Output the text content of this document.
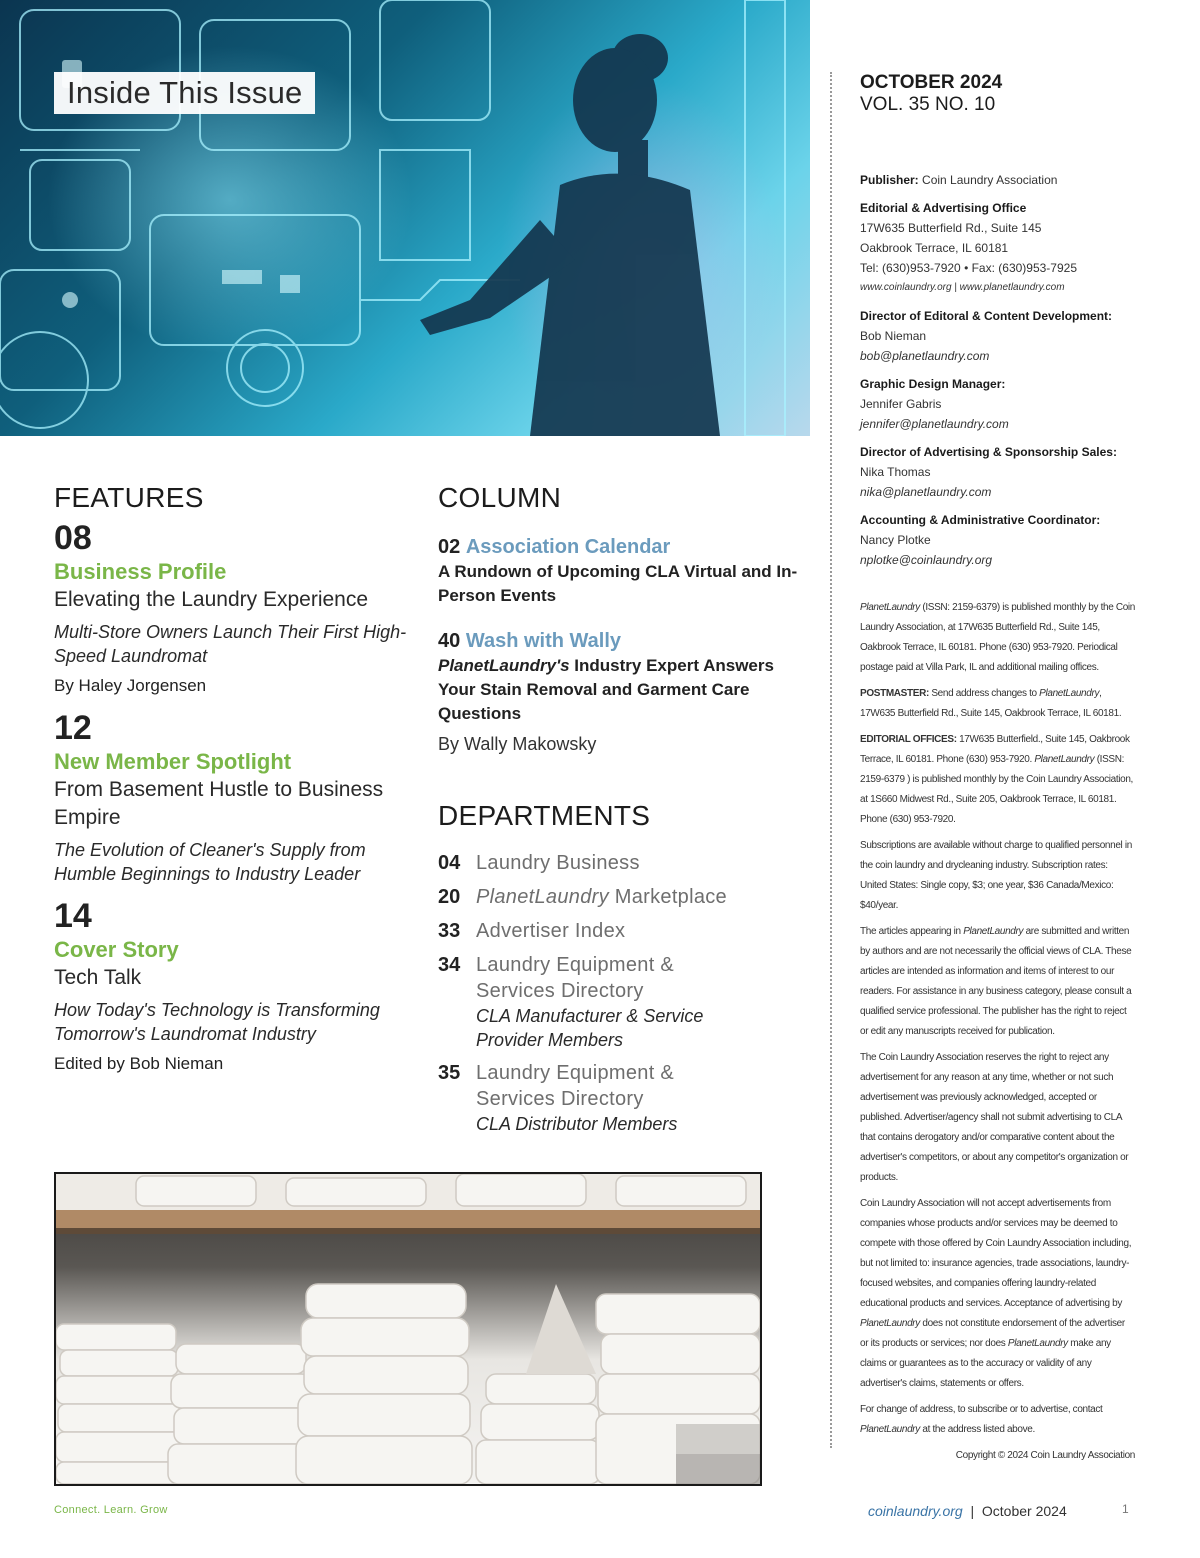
Inside This Issue	OCTOBER 2024
VOL. 35 NO. 10

Publisher: Coin Laundry Association

Editorial & Advertising Office

17W635 Butterfield Rd., Suite 145

Oakbrook Terrace, IL 60181

Tel: (630)953-7920 • Fax: (630)953-7925

www.coinlaundry.org | www.planetlaundry.com

Director of Editoral & Content Development:

Bob Nieman

bob@planetlaundry.com

Graphic Design Manager:

Jennifer Gabris

jennifer@planetlaundry.com

Director of Advertising & Sponsorship Sales:

Nika Thomas

nika@planetlaundry.com

Accounting & Administrative Coordinator:

Nancy Plotke

nplotke@coinlaundry.org

PlanetLaundry (ISSN: 2159-6379) is published monthly by the Coin Laundry Association, at 17W635 Butterfield Rd., Suite 145, Oakbrook Terrace, IL 60181. Phone (630) 953-7920. Periodical postage paid at Villa Park, IL and additional mailing offices.

POSTMASTER: Send address changes to PlanetLaundry, 17W635 Butterfield Rd., Suite 145, Oakbrook Terrace, IL 60181.

EDITORIAL OFFICES: 17W635 Butterfield., Suite 145, Oakbrook Terrace, IL 60181. Phone (630) 953-7920. PlanetLaundry (ISSN: 2159-6379 ) is published monthly by the Coin Laundry Association, at 1S660 Midwest Rd., Suite 205, Oakbrook Terrace, IL 60181. Phone (630) 953-7920.

Subscriptions are available without charge to qualified personnel in the coin laundry and drycleaning industry. Subscription rates: United States: Single copy, $3; one year, $36 Canada/Mexico: $40/year.

The articles appearing in PlanetLaundry are submitted and written by authors and are not necessarily the official views of CLA. These articles are intended as information and items of interest to our readers. For assistance in any business category, please consult a qualified service professional. The publisher has the right to reject or edit any manuscripts received for publication.

The Coin Laundry Association reserves the right to reject any advertisement for any reason at any time, whether or not such advertisement was previously acknowledged, accepted or published. Advertiser/agency shall not submit advertising to CLA that contains derogatory and/or comparative content about the advertiser's competitors, or about any competitor's organization or products.

Coin Laundry Association will not accept advertisements from companies whose products and/or services may be deemed to compete with those offered by Coin Laundry Association including, but not limited to: insurance agencies, trade associations, laundry-focused websites, and companies offering laundry-related educational products and services. Acceptance of advertising by PlanetLaundry does not constitute endorsement of the advertiser or its products or services; nor does PlanetLaundry make any claims or guarantees as to the accuracy or validity of any advertiser's claims, statements or offers.

For change of address, to subscribe or to advertise, contact PlanetLaundry at the address listed above.

Copyright © 2024 Coin Laundry Association

FEATURES
08
Business Profile
Elevating the Laundry Experience
Multi-Store Owners Launch Their First High-Speed Laundromat
By Haley Jorgensen
12
New Member Spotlight
From Basement Hustle to Business Empire
The Evolution of Cleaner's Supply from Humble Beginnings to Industry Leader
14
Cover Story
Tech Talk
How Today's Technology is Transforming Tomorrow's Laundromat Industry
Edited by Bob Nieman
COLUMN
02 Association Calendar
A Rundown of Upcoming CLA Virtual and In-Person Events
40 Wash with Wally
PlanetLaundry's Industry Expert Answers Your Stain Removal and Garment Care Questions
By Wally Makowsky
DEPARTMENTS
04 Laundry Business
20 PlanetLaundry Marketplace
33 Advertiser Index
34 Laundry Equipment & Services Directory
CLA Manufacturer & Service Provider Members
35 Laundry Equipment & Services Directory
CLA Distributor Members
Connect. Learn. Grow	coinlaundry.org  |  October 2024	1
